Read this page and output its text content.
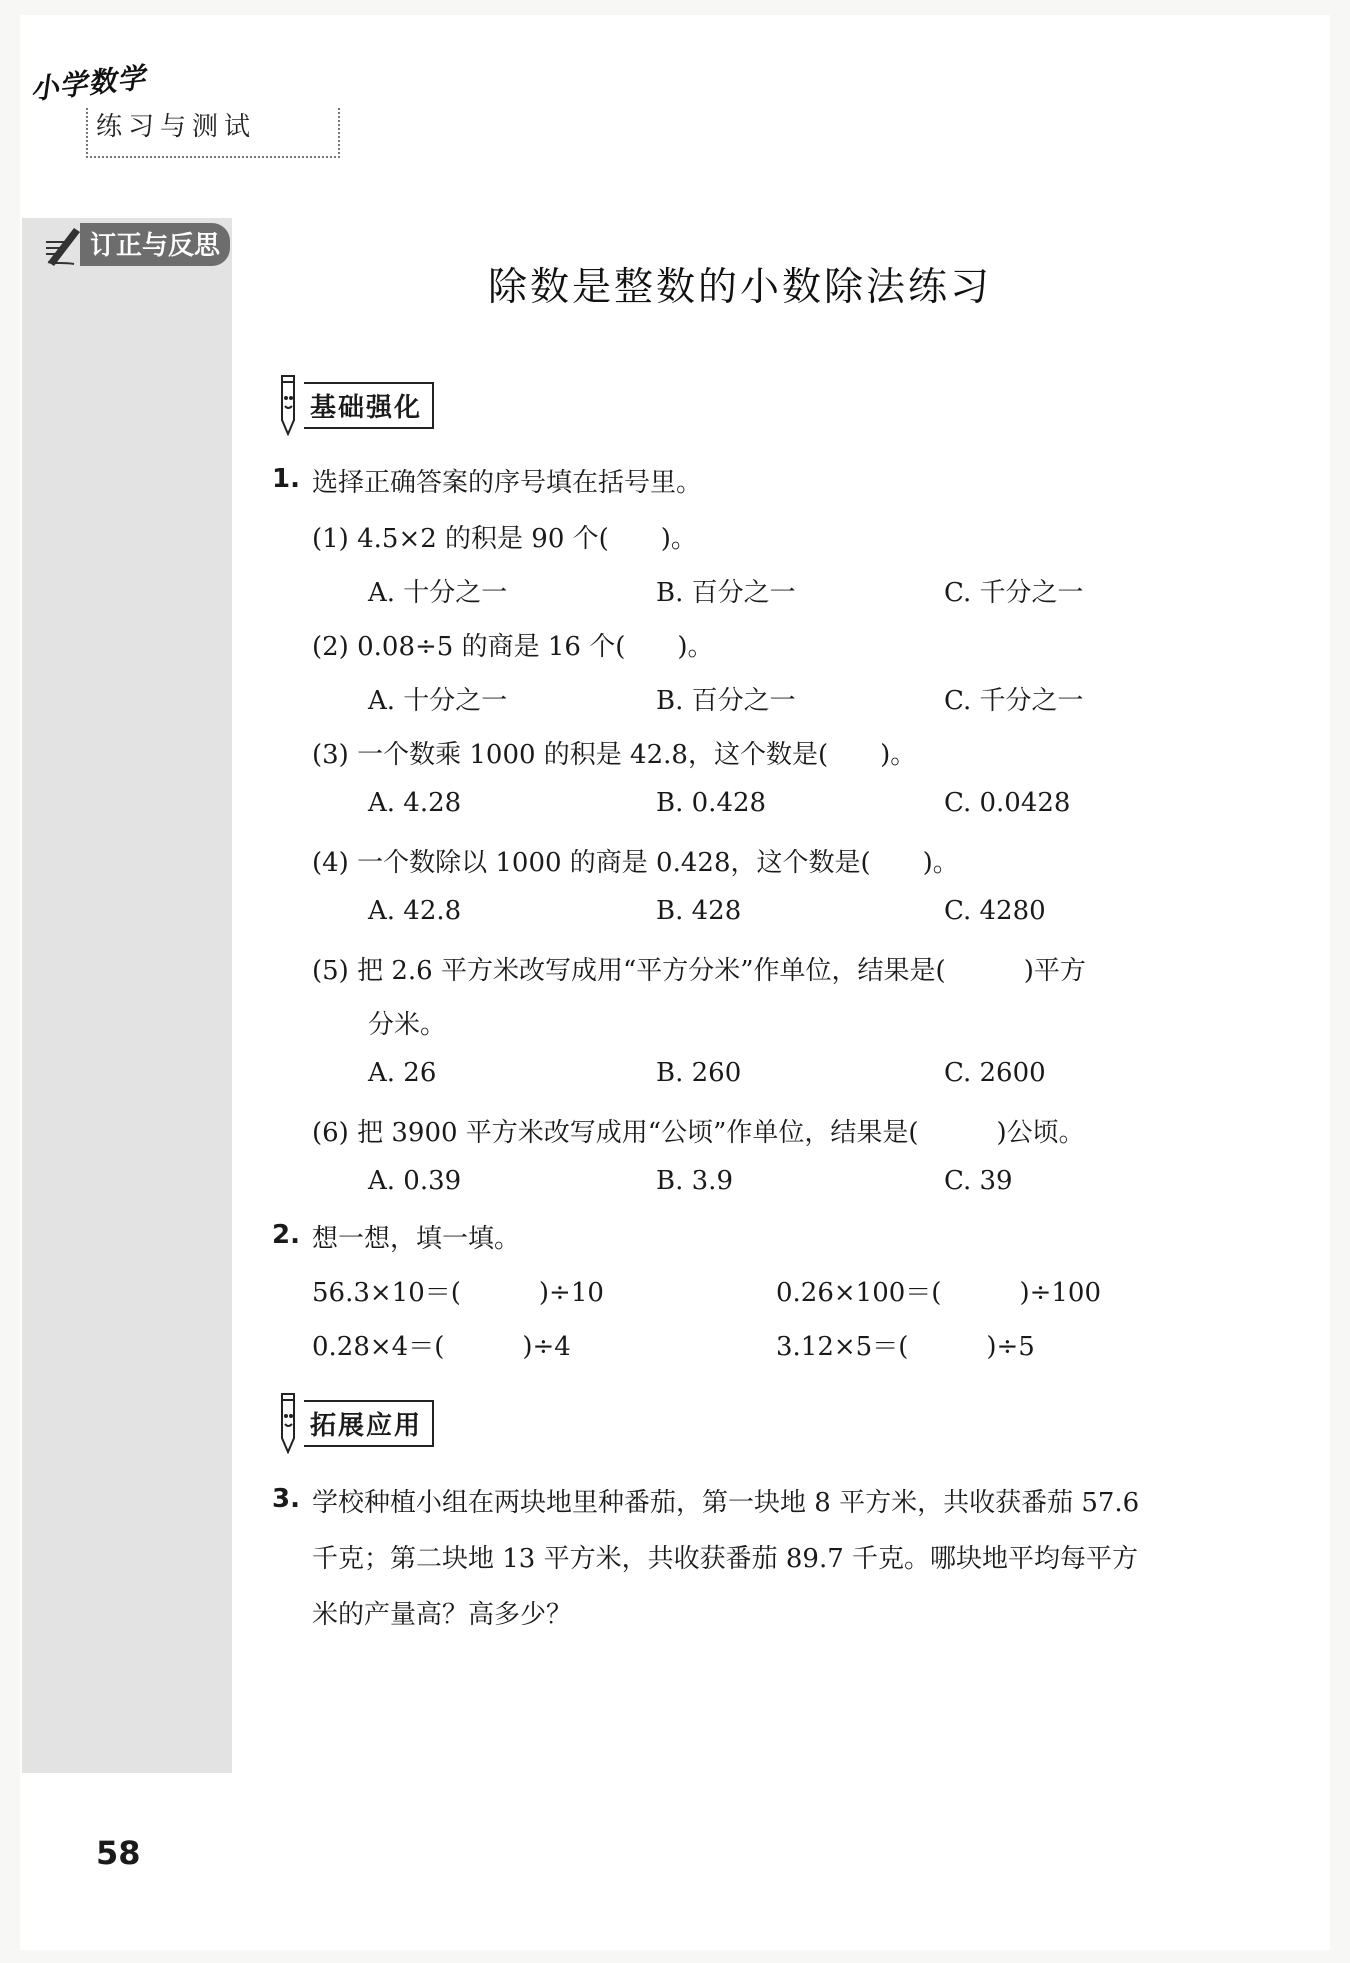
小学数学
练习与测试
订正与反思
除数是整数的小数除法练习
基础强化
1. 选择正确答案的序号填在括号里。
(1) 4.5×2 的积是 90 个(　　)。
A. 十分之一	B. 百分之一	C. 千分之一
(2) 0.08÷5 的商是 16 个(　　)。
A. 十分之一	B. 百分之一	C. 千分之一
(3) 一个数乘 1000 的积是 42.8，这个数是(　　)。
A. 4.28	B. 0.428	C. 0.0428
(4) 一个数除以 1000 的商是 0.428，这个数是(　　)。
A. 42.8	B. 428	C. 4280
(5) 把 2.6 平方米改写成用“平方分米”作单位，结果是(　　　)平方
分米。
A. 26	B. 260	C. 2600
(6) 把 3900 平方米改写成用“公顷”作单位，结果是(　　　)公顷。
A. 0.39	B. 3.9	C. 39
2. 想一想，填一填。
56.3×10＝(　　　)÷10	0.26×100＝(　　　)÷100
0.28×4＝(　　　)÷4	3.12×5＝(　　　)÷5
拓展应用
3. 学校种植小组在两块地里种番茄，第一块地 8 平方米，共收获番茄 57.6
千克；第二块地 13 平方米，共收获番茄 89.7 千克。哪块地平均每平方
米的产量高？高多少？
58
